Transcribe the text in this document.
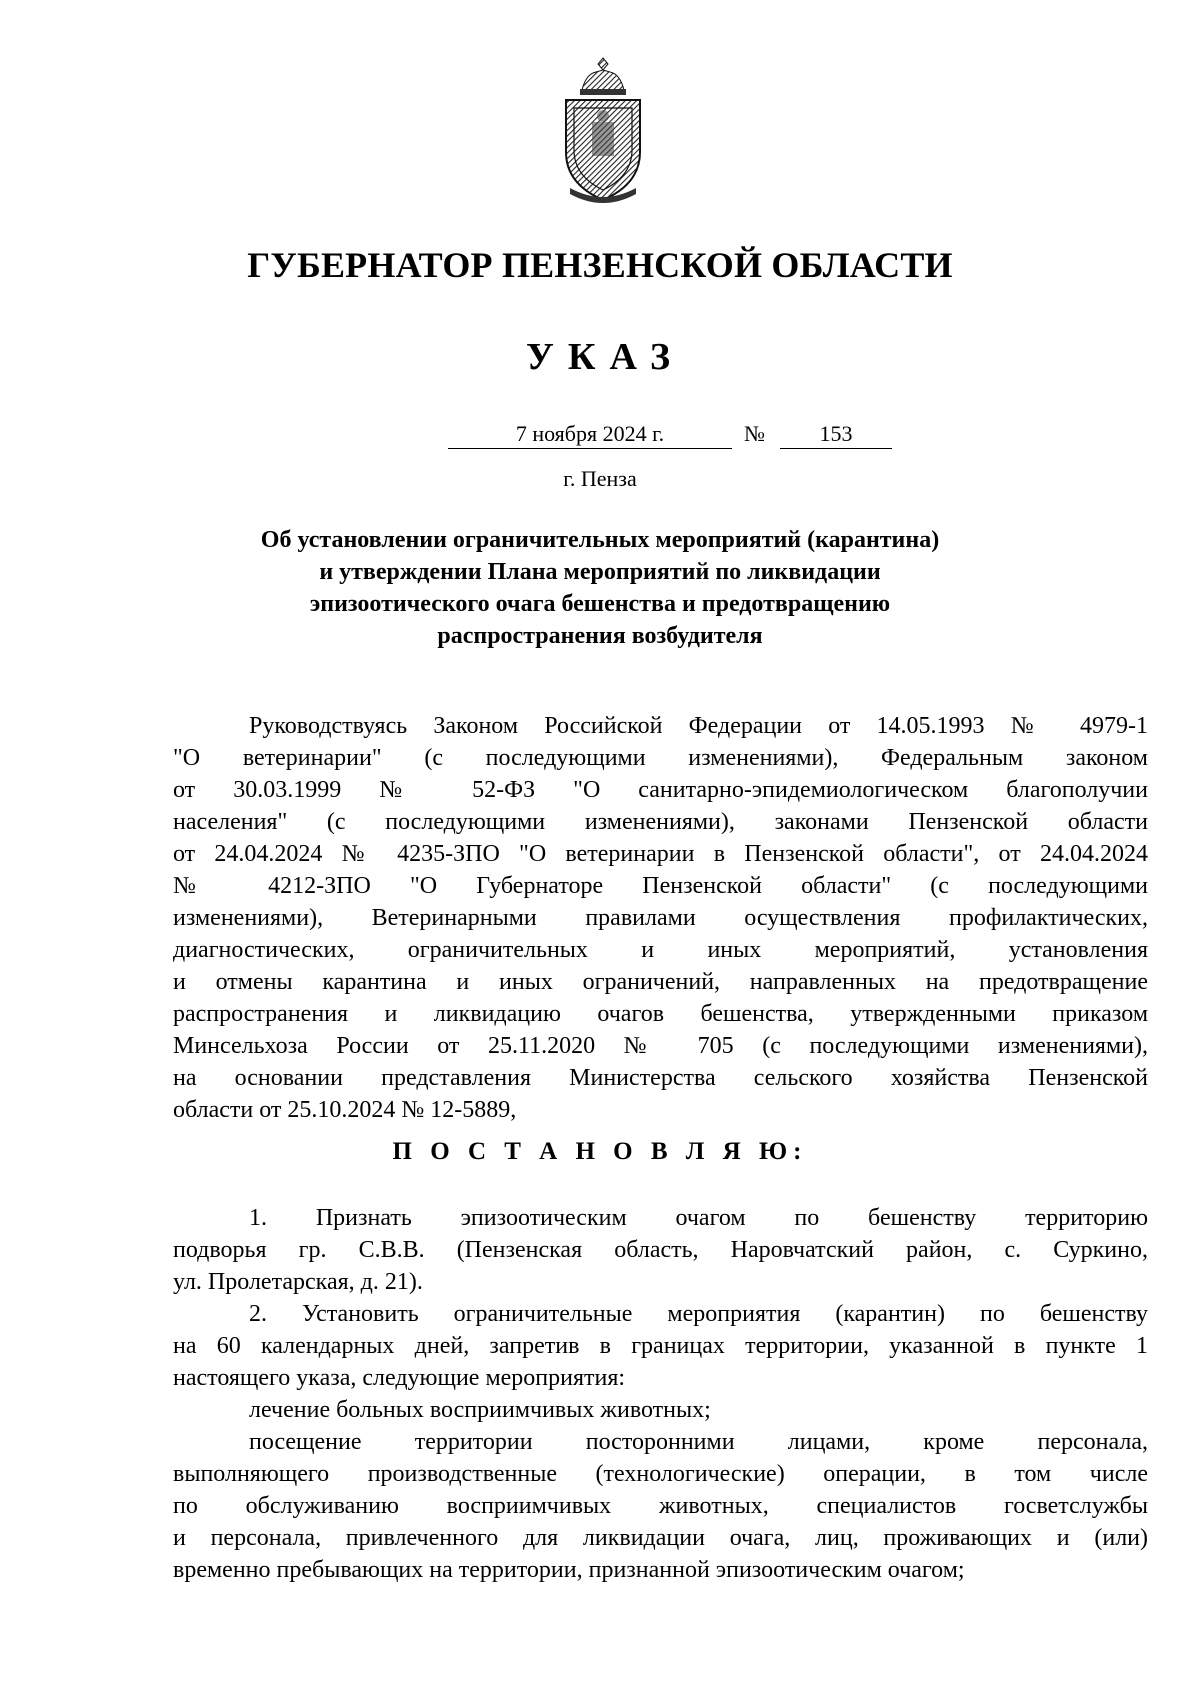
ГУБЕРНАТОР ПЕНЗЕНСКОЙ ОБЛАСТИ
УКАЗ
7 ноября 2024 г.	№	153
г. Пенза
Об установлении ограничительных мероприятий (карантина)
и утверждении Плана мероприятий по ликвидации
эпизоотического очага бешенства и предотвращению
распространения возбудителя
Руководствуясь Законом Российской Федерации от 14.05.1993 № 4979-1
"О ветеринарии" (с последующими изменениями), Федеральным законом
от 30.03.1999 № 52-ФЗ "О санитарно-эпидемиологическом благополучии
населения" (с последующими изменениями), законами Пензенской области
от 24.04.2024 № 4235-ЗПО "О ветеринарии в Пензенской области", от 24.04.2024
№ 4212-ЗПО "О Губернаторе Пензенской области" (с последующими
изменениями), Ветеринарными правилами осуществления профилактических,
диагностических, ограничительных и иных мероприятий, установления
и отмены карантина и иных ограничений, направленных на предотвращение
распространения и ликвидацию очагов бешенства, утвержденными приказом
Минсельхоза России от 25.11.2020 № 705 (с последующими изменениями),
на основании представления Министерства сельского хозяйства Пензенской
области от 25.10.2024 № 12-5889,
П О С Т А Н О В Л Я Ю:
1. Признать эпизоотическим очагом по бешенству территорию
подворья гр. С.В.В. (Пензенская область, Наровчатский район, с. Суркино,
ул. Пролетарская, д. 21).
2. Установить ограничительные мероприятия (карантин) по бешенству
на 60 календарных дней, запретив в границах территории, указанной в пункте 1
настоящего указа, следующие мероприятия:
лечение больных восприимчивых животных;
посещение территории посторонними лицами, кроме персонала,
выполняющего производственные (технологические) операции, в том числе
по обслуживанию восприимчивых животных, специалистов госветслужбы
и персонала, привлеченного для ликвидации очага, лиц, проживающих и (или)
временно пребывающих на территории, признанной эпизоотическим очагом;
